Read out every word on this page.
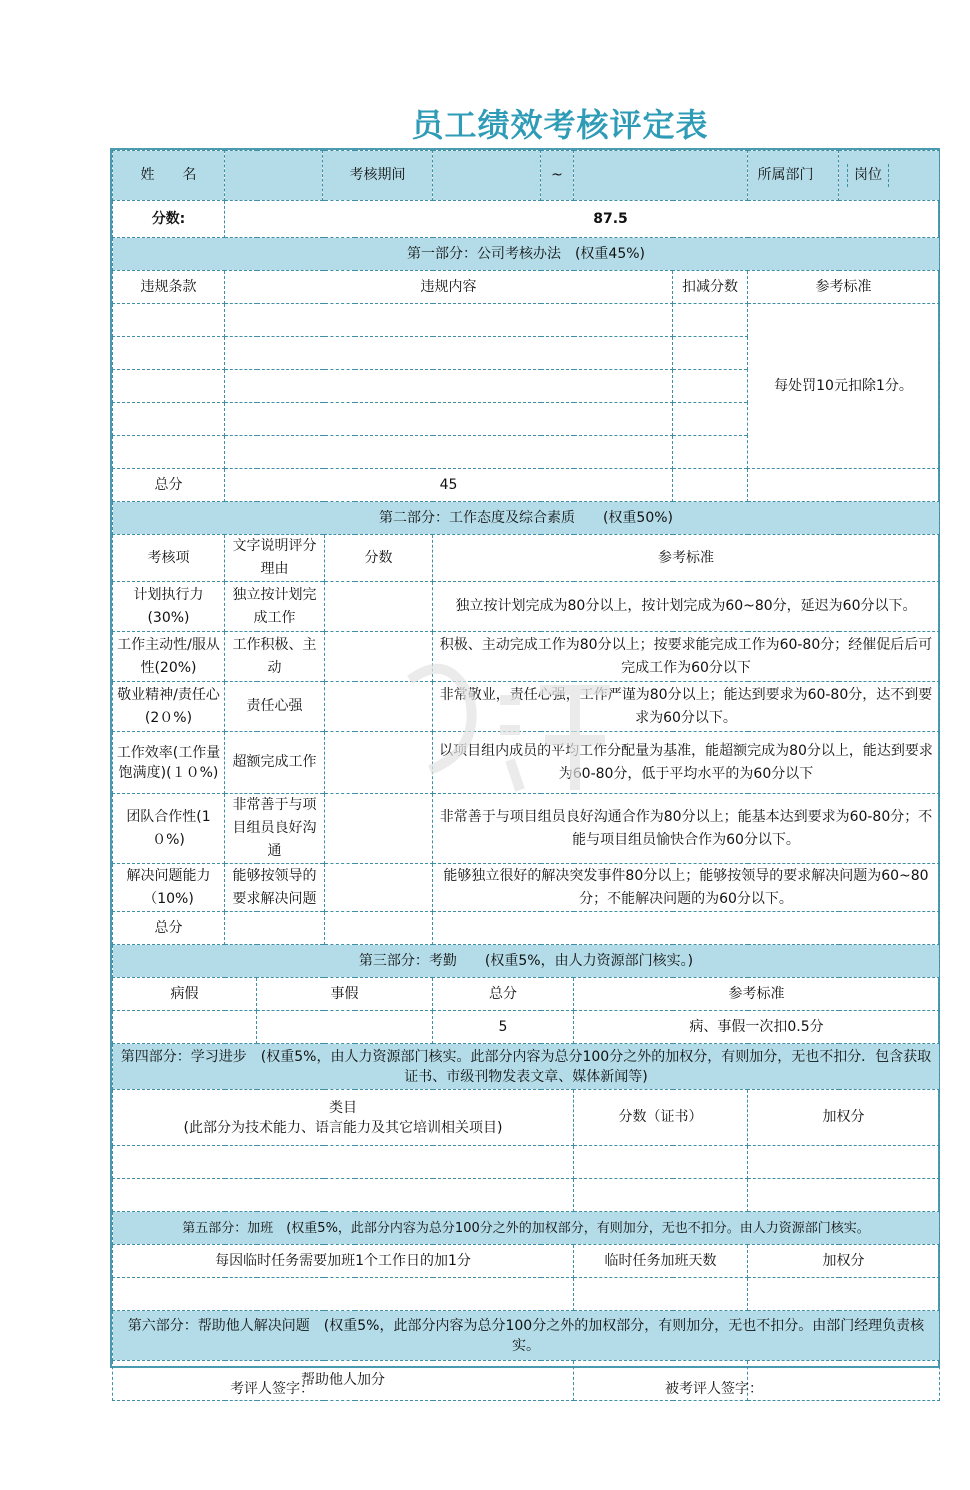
员工绩效考核评定表
姓　　名			考核期间			~			所属部门	岗位

分数:	87.5									
第一部分：公司考核办法　(权重45%)										
违规条款	违规内容							扣减分数	参考标准	
									每处罚10元扣除1分。	

总分	45									
第二部分：工作态度及综合素质　　(权重50%)										
考核项	文字说明评分理由			分数	参考标准					
计划执行力(30%)	独立按计划完成工作				独立按计划完成为80分以上，按计划完成为60~80分，延迟为60分以下。					
工作主动性/服从性(20%)	工作积极、主动				积极、主动完成工作为80分以上；按要求能完成工作为60-80分；经催促后后可完成工作为60分以下					
敬业精神/责任心(2０%)	责任心强				非常敬业，责任心强，工作严谨为80分以上；能达到要求为60-80分，达不到要求为60分以下。					
工作效率(工作量饱满度)(１０%)	超额完成工作				以项目组内成员的平均工作分配量为基准，能超额完成为80分以上，能达到要求为60-80分，低于平均水平的为60分以下					
团队合作性(1０%)	非常善于与项目组员良好沟通				非常善于与项目组员良好沟通合作为80分以上；能基本达到要求为60-80分；不能与项目组员愉快合作为60分以下。					
解决问题能力（10%)	能够按领导的要求解决问题				能够独立很好的解决突发事件80分以上；能够按领导的要求解决问题为60~80分；不能解决问题的为60分以下。					
总分										
第三部分：考勤　　(权重5%，由人力资源部门核实。)										
病假		事假			总分		参考标准			
					5		病、事假一次扣0.5分			
第四部分：学习进步　(权重5%，由人力资源部门核实。此部分内容为总分100分之外的加权分，有则加分，无也不扣分．包含获取证书、市级刊物发表文章、媒体新闻等)										

类目
(此部分为技术能力、语言能力及其它培训相关项目)							分数（证书）		加权分	

第五部分：加班　(权重5%，此部分内容为总分100分之外的加权部分，有则加分，无也不扣分。由人力资源部门核实。										
每因临时任务需要加班1个工作日的加1分							临时任务加班天数		加权分	

第六部分：帮助他人解决问题　(权重5%，此部分内容为总分100分之外的加权部分，有则加分，无也不扣分。由部门经理负责核实。										
帮助他人加分										
考评人签字：	被考评人签字：
